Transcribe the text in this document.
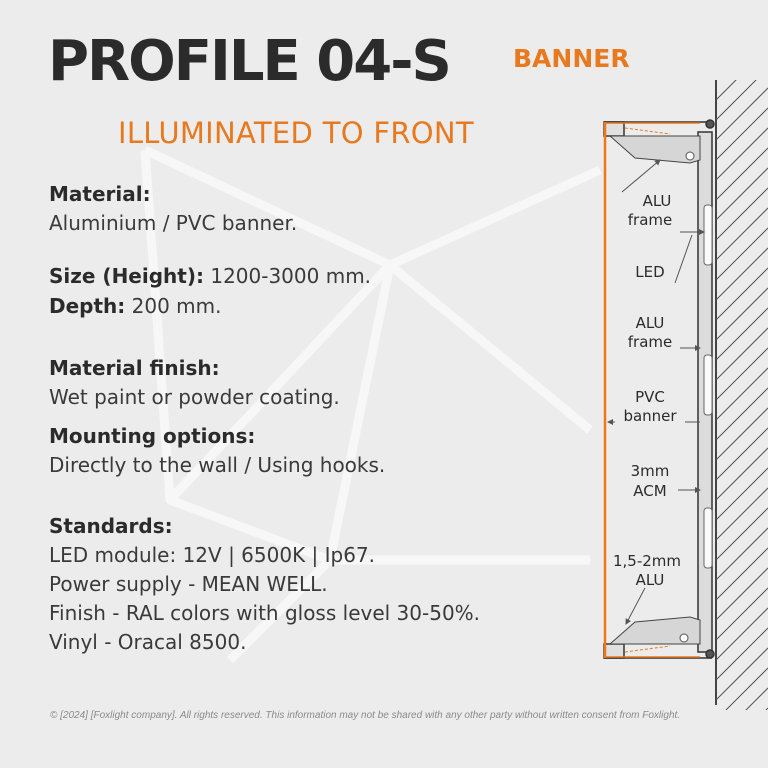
PROFILE 04-S	BANNER
ILLUMINATED TO FRONT
Material:
Aluminium / PVC banner.
Size (Height): 1200-3000 mm.
Depth: 200 mm.
Material finish:
Wet paint or powder coating.
Mounting options:
Directly to the wall / Using hooks.
Standards:
LED module: 12V | 6500K | Ip67.
Power supply - MEAN WELL.
Finish - RAL colors with gloss level 30-50%.
Vinyl - Oracal 8500.
ALU
frame
LED
ALU
frame
PVC
banner
3mm
ACM
1,5-2mm
ALU
© [2024] [Foxlight company]. All rights reserved. This information may not be shared with any other party without written consent from Foxlight.
